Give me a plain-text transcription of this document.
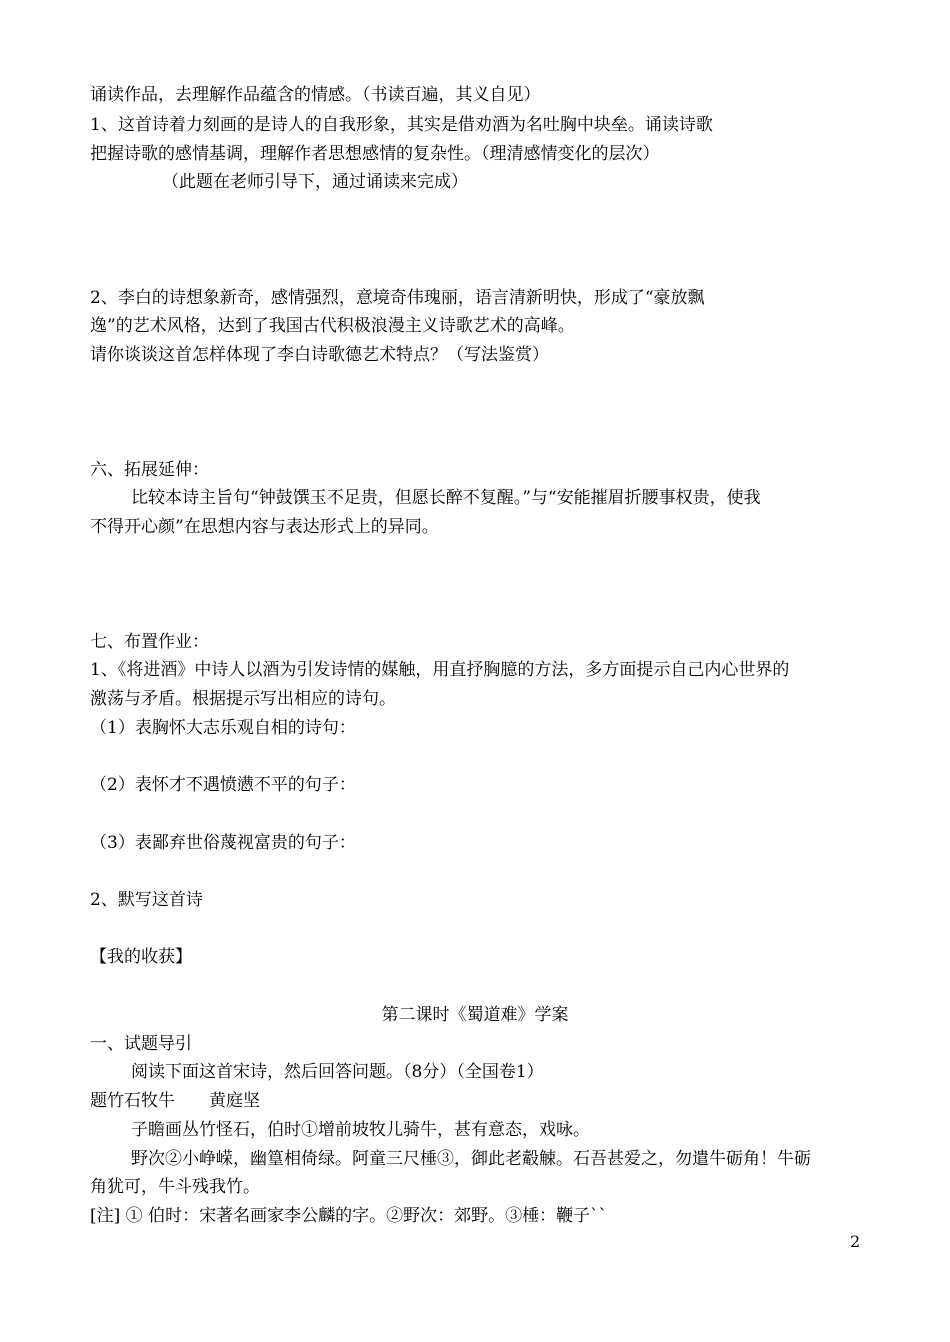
诵读作品，去理解作品蕴含的情感。（书读百遍，其义自见）
1、这首诗着力刻画的是诗人的自我形象，其实是借劝酒为名吐胸中块垒。诵读诗歌
把握诗歌的感情基调，理解作者思想感情的复杂性。（理清感情变化的层次）
（此题在老师引导下，通过诵读来完成）
2、李白的诗想象新奇，感情强烈，意境奇伟瑰丽，语言清新明快，形成了“豪放飘
逸”的艺术风格，达到了我国古代积极浪漫主义诗歌艺术的高峰。
请你谈谈这首怎样体现了李白诗歌德艺术特点？（写法鉴赏）
六、拓展延伸：
比较本诗主旨句“钟鼓馔玉不足贵，但愿长醉不复醒。”与“安能摧眉折腰事权贵，使我
不得开心颜”在思想内容与表达形式上的异同。
七、布置作业：
1、《将进酒》中诗人以酒为引发诗情的媒触，用直抒胸臆的方法，多方面提示自己内心世界的
激荡与矛盾。根据提示写出相应的诗句。
（1）表胸怀大志乐观自相的诗句：
（2）表怀才不遇愤懑不平的句子：
（3）表鄙弃世俗蔑视富贵的句子：
2、默写这首诗
【我的收获】
第二课时《蜀道难》学案
一、试题导引
阅读下面这首宋诗，然后回答问题。（8分）（全国卷1）
题竹石牧牛　　黄庭坚
子瞻画丛竹怪石，伯时①增前坡牧儿骑牛，甚有意态，戏咏。
野次②小峥嵘，幽篁相倚绿。阿童三尺棰③，御此老觳觫。石吾甚爱之，勿遣牛砺角！牛砺
角犹可，牛斗残我竹。
[注] ① 伯时：宋著名画家李公麟的字。②野次：郊野。③棰：鞭子``
2
